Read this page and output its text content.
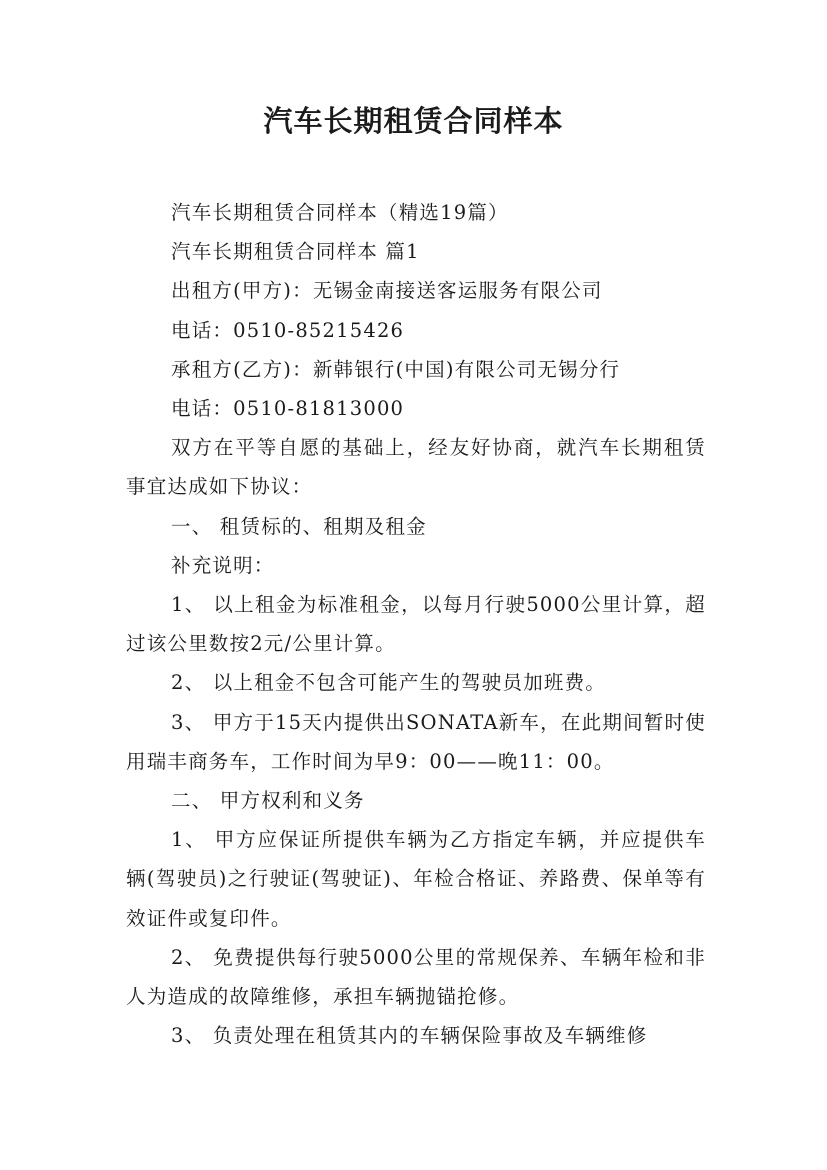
汽车长期租赁合同样本

汽车长期租赁合同样本（精选19篇）

汽车长期租赁合同样本 篇1

出租方(甲方)：无锡金南接送客运服务有限公司

电话：0510-85215426

承租方(乙方)：新韩银行(中国)有限公司无锡分行

电话：0510-81813000

双方在平等自愿的基础上，经友好协商，就汽车长期租赁事宜达成如下协议：

一、 租赁标的、租期及租金

补充说明：

1、 以上租金为标准租金，以每月行驶5000公里计算，超过该公里数按2元/公里计算。

2、 以上租金不包含可能产生的驾驶员加班费。

3、 甲方于15天内提供出SONATA新车，在此期间暂时使用瑞丰商务车，工作时间为早9：00——晚11：00。

二、 甲方权利和义务

1、 甲方应保证所提供车辆为乙方指定车辆，并应提供车辆(驾驶员)之行驶证(驾驶证)、年检合格证、养路费、保单等有效证件或复印件。

2、 免费提供每行驶5000公里的常规保养、车辆年检和非人为造成的故障维修，承担车辆抛锚抢修。

3、 负责处理在租赁其内的车辆保险事故及车辆维修
